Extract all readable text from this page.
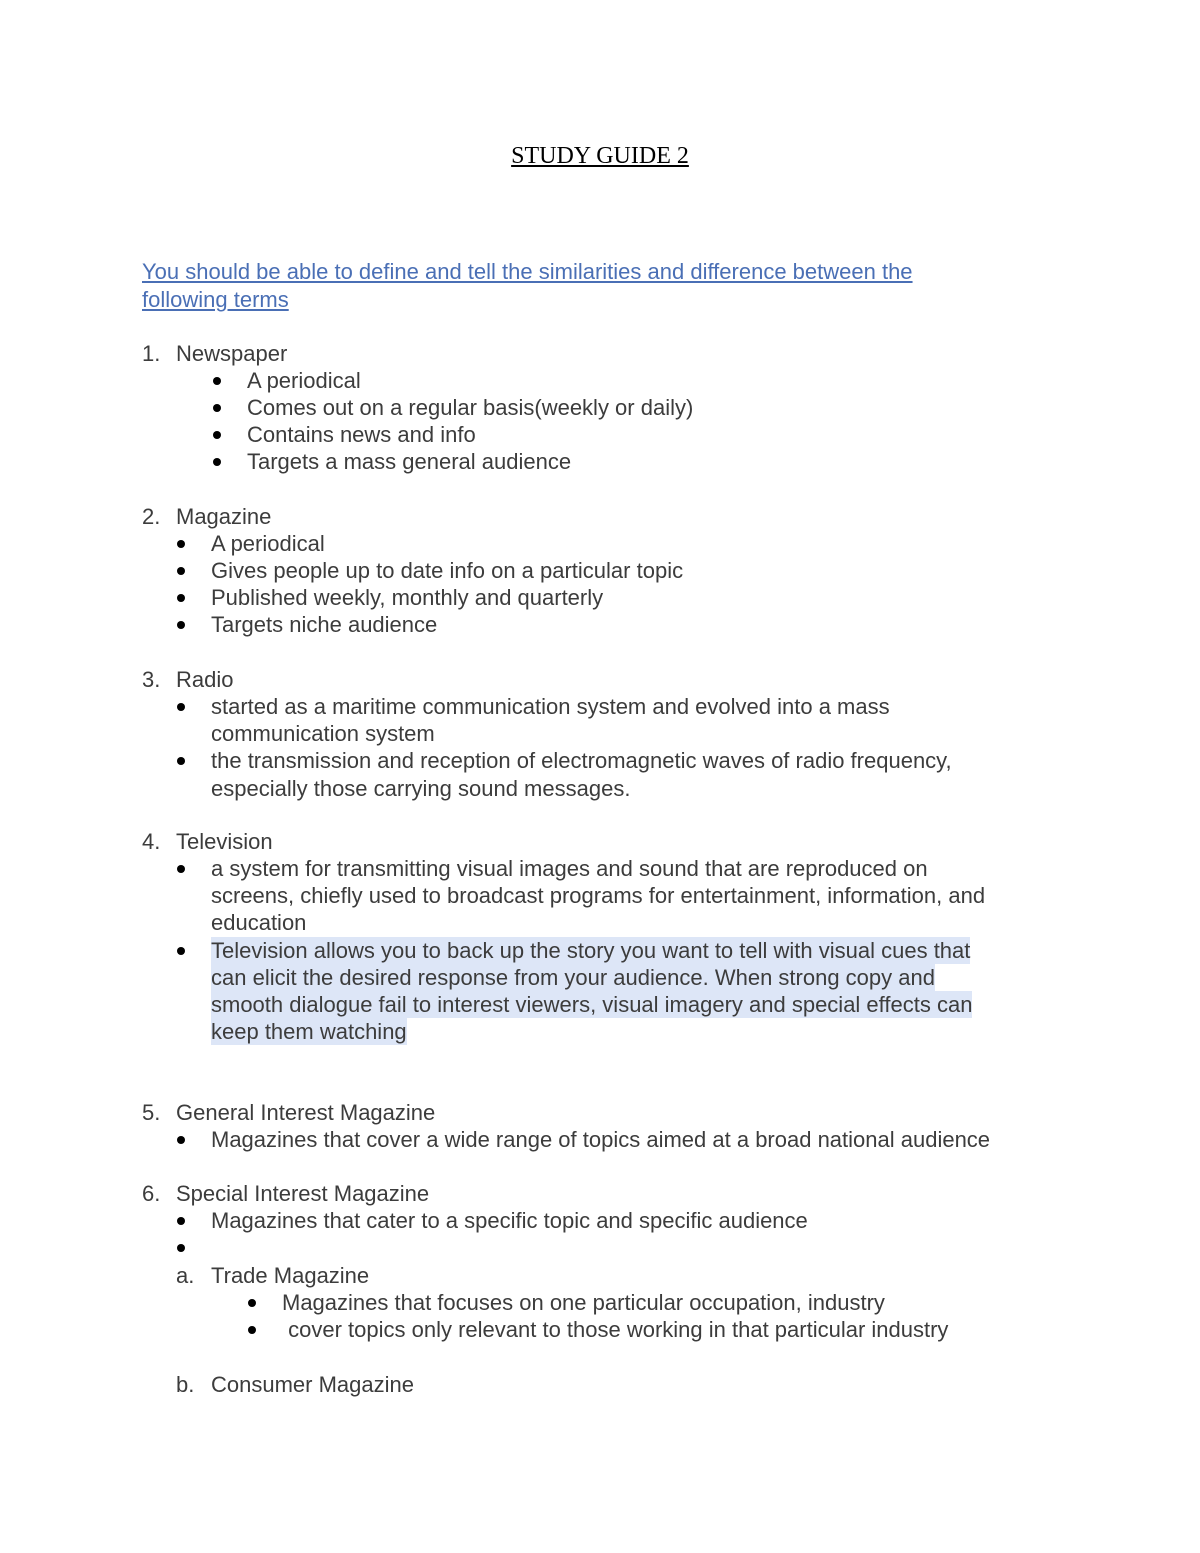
STUDY GUIDE 2
You should be able to define and tell the similarities and difference between the
following terms
1. Newspaper
A periodical
Comes out on a regular basis(weekly or daily)
Contains news and info
Targets a mass general audience
2. Magazine
A periodical
Gives people up to date info on a particular topic
Published weekly, monthly and quarterly
Targets niche audience
3. Radio
started as a maritime communication system and evolved into a mass
communication system
the transmission and reception of electromagnetic waves of radio frequency,
especially those carrying sound messages.
4. Television
a system for transmitting visual images and sound that are reproduced on
screens, chiefly used to broadcast programs for entertainment, information, and
education
Television allows you to back up the story you want to tell with visual cues that
can elicit the desired response from your audience. When strong copy and
smooth dialogue fail to interest viewers, visual imagery and special effects can
keep them watching
5. General Interest Magazine
Magazines that cover a wide range of topics aimed at a broad national audience
6. Special Interest Magazine
Magazines that cater to a specific topic and specific audience
a. Trade Magazine
Magazines that focuses on one particular occupation, industry
cover topics only relevant to those working in that particular industry
b. Consumer Magazine
